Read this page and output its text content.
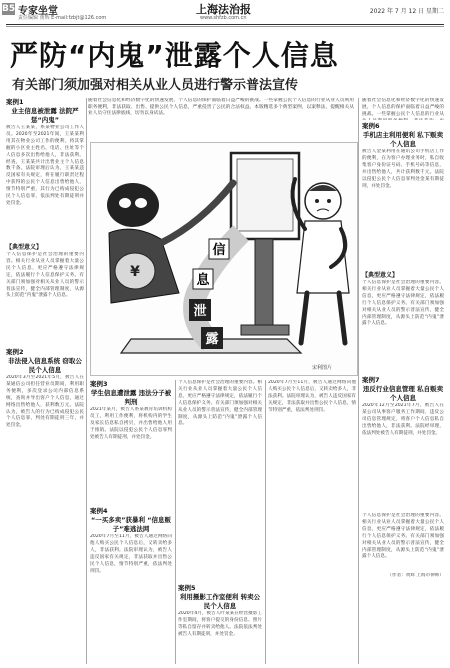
B5 专家坐堂
责任编辑 黄辉 E-mail:fzbjt@126.com
上海法治报
www.shfzb.com.cn
2022 年 7 月 12 日 星期二
严防“内鬼”泄露个人信息
有关部门须加强对相关从业人员进行警示普法宣传
案例1
业主信息被泄露 法院严惩“内鬼”
被告人王某某，系某物业公司工作人员。2020年至2021年间，王某某利用其在物业公司工作的便利，将其掌握的小区业主姓名、电话、住址等个人信息多次出售给他人，非法获利。经查，王某某共计出售业主个人信息数千条。法院审理后认为，王某某违反国家有关规定，将在履行职责过程中获得的公民个人信息出售给他人，情节特别严重，其行为已构成侵犯公民个人信息罪，依法判处有期徒刑并处罚金。
【典型意义】
个人信息保护是社会治理的重要内容。相关行业从业人员掌握着大量公民个人信息，更应严格遵守法律规定，依法履行个人信息保护义务。有关部门须加强对相关从业人员的警示普法宣传，健全内部管理制度，从源头上防范“内鬼”泄露个人信息。
案例2
非法侵入信息系统 窃取公民个人信息
2020年3月至2021年5月，被告人在某通信公司担任营业员期间，利用职务便利，多次登录公司内部信息系统，查询并导出客户个人信息，通过网络出售给他人，获利数万元。法院认为，被告人的行为已构成侵犯公民个人信息罪，判处有期徒刑三年，并处罚金。
随着社会信息化和经济数字化的快速发展，个人信息的保护面临着日益严峻的挑战。一些掌握公民个人信息的行业从业人员利用职务便利，非法获取、出售、提供公民个人信息，严重侵害了公民的合法权益。本版精选多个典型案例，以案释法，提醒相关从业人员守住法律底线，切勿以身试法。
¥
信
息
泄
露
宋利图片
案例3
学生信息遭泄露 违法分子被判刑
2021年某月，被告人系某教育培训机构员工，利用工作便利，将机构内的学生及家长信息私自拷贝，并出售给他人用于推销。法院以侵犯公民个人信息罪判处被告人有期徒刑，并处罚金。
案例4
“一买多卖”获暴利 “信息贩子”难逃法网
2020年7月至11月，被告人通过网络向他人购买公民个人信息后，又转卖给多人，非法获利。法院审理认为，被告人违反国家有关规定，非法获取并出售公民个人信息，情节特别严重，依法判处刑罚。
个人信息保护是社会治理的重要内容。相关行业从业人员掌握着大量公民个人信息，更应严格遵守法律规定，依法履行个人信息保护义务。有关部门须加强对相关从业人员的警示普法宣传，健全内部管理制度，从源头上防范“内鬼”泄露个人信息。
案例5
利用摄影工作室便利 转卖公民个人信息
2020年4月，被告人叶某某在经营摄影工作室期间，将客户提交的身份信息、照片等私自留存并转卖给他人。法院依法判处被告人有期徒刑，并处罚金。
2020年7月至11月，被告人通过网络向他人购买公民个人信息后，又转卖给多人，非法获利。法院审理认为，被告人违反国家有关规定，非法获取并出售公民个人信息，情节特别严重，依法判处刑罚。
随着社会信息化和经济数字化的快速发展，个人信息的保护面临着日益严峻的挑战。一些掌握公民个人信息的行业从
案例6
手机店主利用便利 私下贩卖个人信息
被告人金某利用在通讯公司手机店工作的便利，在为客户办理业务时，私自收集客户身份证号码、手机号码等信息，并出售给他人，共计获利数千元。法院以侵犯公民个人信息罪判处金某有期徒刑，并处罚金。
【典型意义】
个人信息保护是社会治理的重要内容。相关行业从业人员掌握着大量公民个人信息，更应严格遵守法律规定，依法履行个人信息保护义务。有关部门须加强对相关从业人员的警示普法宣传，健全内部管理制度，从源头上防范“内鬼”泄露个人信息。
案例7
违反行业信息管理 私自贩卖个人信息
2020年12月至2021年7月，被告人在某公司从事客户服务工作期间，违反公司信息管理规定，将客户个人信息私自出售给他人，非法获利。法院经审理，依法判处被告人有期徒刑，并处罚金。
个人信息保护是社会治理的重要内容。相关行业从业人员掌握着大量公民个人信息，更应严格遵守法律规定，依法履行个人信息保护义务。有关部门须加强对相关从业人员的警示普法宣传，健全内部管理制度，从源头上防范“内鬼”泄露个人信息。
（作者：黄辉 上海市律师）
